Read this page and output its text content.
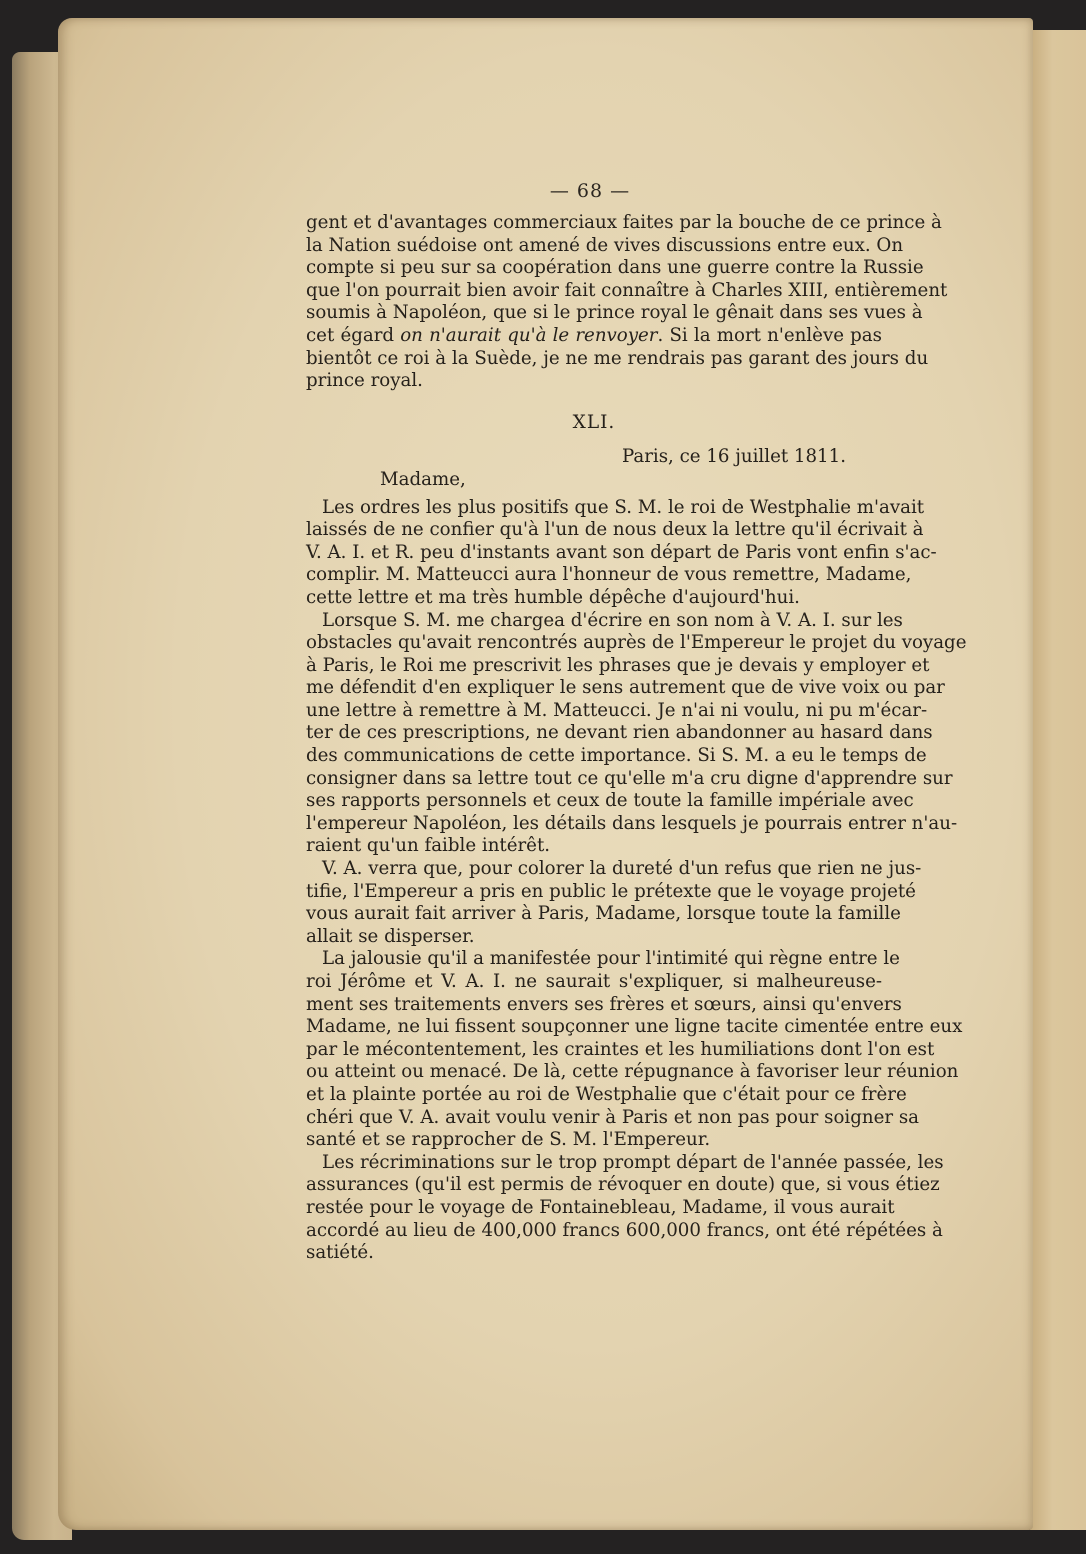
— 68 —
gent et d'avantages commerciaux faites par la bouche de ce prince à
la Nation suédoise ont amené de vives discussions entre eux. On
compte si peu sur sa coopération dans une guerre contre la Russie
que l'on pourrait bien avoir fait connaître à Charles XIII, entièrement
soumis à Napoléon, que si le prince royal le gênait dans ses vues à
cet égard on n'aurait qu'à le renvoyer. Si la mort n'enlève pas
bientôt ce roi à la Suède, je ne me rendrais pas garant des jours du
prince royal.
XLI.
Paris, ce 16 juillet 1811.
Madame,
Les ordres les plus positifs que S. M. le roi de Westphalie m'avait
laissés de ne confier qu'à l'un de nous deux la lettre qu'il écrivait à
V. A. I. et R. peu d'instants avant son départ de Paris vont enfin s'ac-
complir. M. Matteucci aura l'honneur de vous remettre, Madame,
cette lettre et ma très humble dépêche d'aujourd'hui.
Lorsque S. M. me chargea d'écrire en son nom à V. A. I. sur les
obstacles qu'avait rencontrés auprès de l'Empereur le projet du voyage
à Paris, le Roi me prescrivit les phrases que je devais y employer et
me défendit d'en expliquer le sens autrement que de vive voix ou par
une lettre à remettre à M. Matteucci. Je n'ai ni voulu, ni pu m'écar-
ter de ces prescriptions, ne devant rien abandonner au hasard dans
des communications de cette importance. Si S. M. a eu le temps de
consigner dans sa lettre tout ce qu'elle m'a cru digne d'apprendre sur
ses rapports personnels et ceux de toute la famille impériale avec
l'empereur Napoléon, les détails dans lesquels je pourrais entrer n'au-
raient qu'un faible intérêt.
V. A. verra que, pour colorer la dureté d'un refus que rien ne jus-
tifie, l'Empereur a pris en public le prétexte que le voyage projeté
vous aurait fait arriver à Paris, Madame, lorsque toute la famille
allait se disperser.
La jalousie qu'il a manifestée pour l'intimité qui règne entre le
roi Jérôme et V. A. I. ne saurait s'expliquer, si malheureuse-
ment ses traitements envers ses frères et sœurs, ainsi qu'envers
Madame, ne lui fissent soupçonner une ligne tacite cimentée entre eux
par le mécontentement, les craintes et les humiliations dont l'on est
ou atteint ou menacé. De là, cette répugnance à favoriser leur réunion
et la plainte portée au roi de Westphalie que c'était pour ce frère
chéri que V. A. avait voulu venir à Paris et non pas pour soigner sa
santé et se rapprocher de S. M. l'Empereur.
Les récriminations sur le trop prompt départ de l'année passée, les
assurances (qu'il est permis de révoquer en doute) que, si vous étiez
restée pour le voyage de Fontainebleau, Madame, il vous aurait
accordé au lieu de 400,000 francs 600,000 francs, ont été répétées à
satiété.
